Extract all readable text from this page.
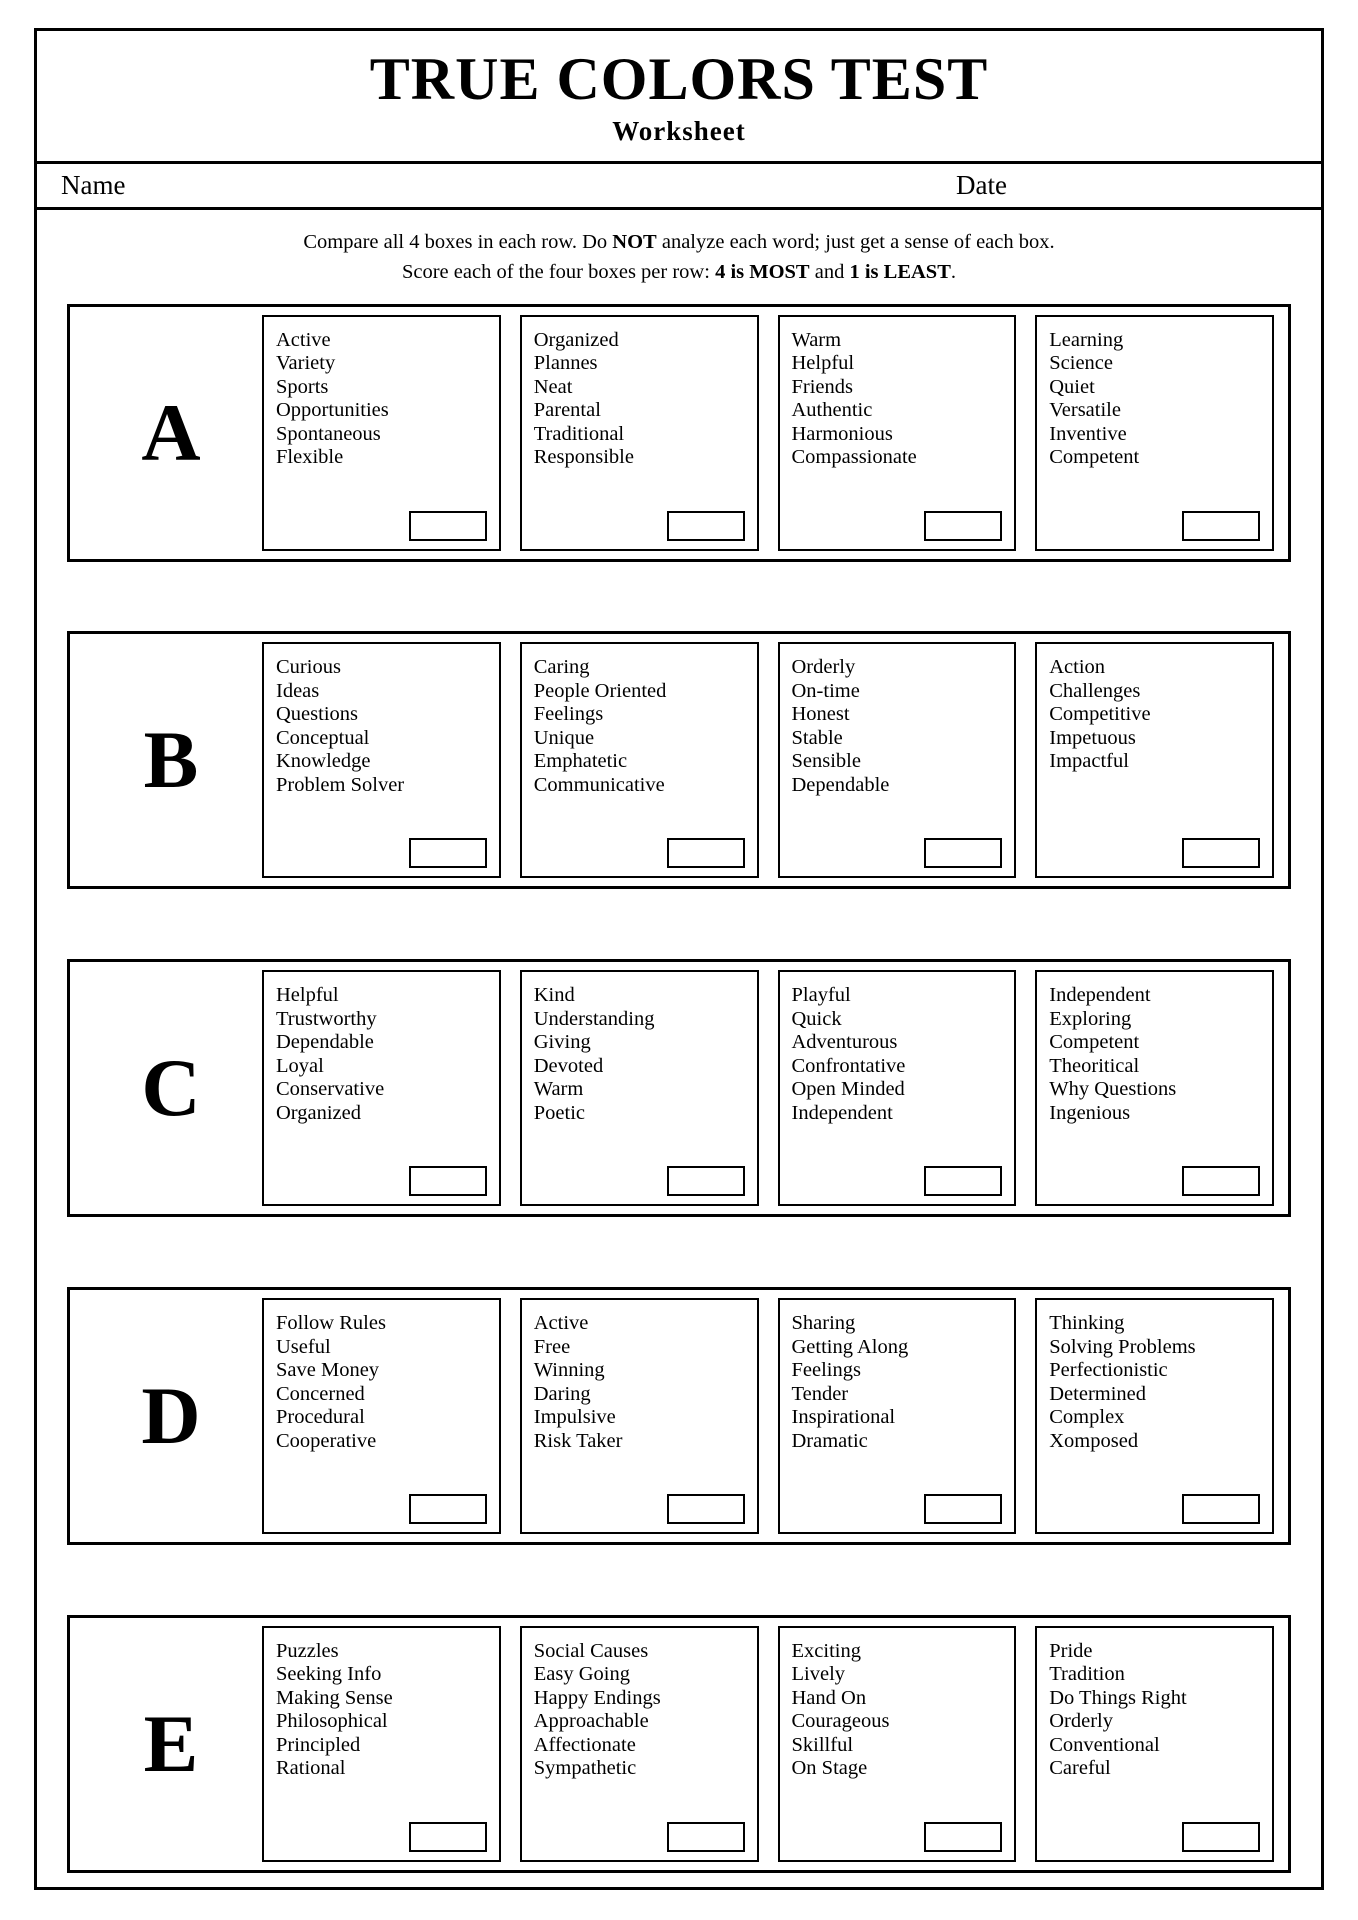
TRUE COLORS TEST
Worksheet
Name	Date
Compare all 4 boxes in each row. Do NOT analyze each word; just get a sense of each box.
Score each of the four boxes per row: 4 is MOST and 1 is LEAST.
A
Active
Variety
Sports
Opportunities
Spontaneous
Flexible
Organized
Plannes
Neat
Parental
Traditional
Responsible
Warm
Helpful
Friends
Authentic
Harmonious
Compassionate
Learning
Science
Quiet
Versatile
Inventive
Competent
B
Curious
Ideas
Questions
Conceptual
Knowledge
Problem Solver
Caring
People Oriented
Feelings
Unique
Emphatetic
Communicative
Orderly
On-time
Honest
Stable
Sensible
Dependable
Action
Challenges
Competitive
Impetuous
Impactful
C
Helpful
Trustworthy
Dependable
Loyal
Conservative
Organized
Kind
Understanding
Giving
Devoted
Warm
Poetic
Playful
Quick
Adventurous
Confrontative
Open Minded
Independent
Independent
Exploring
Competent
Theoritical
Why Questions
Ingenious
D
Follow Rules
Useful
Save Money
Concerned
Procedural
Cooperative
Active
Free
Winning
Daring
Impulsive
Risk Taker
Sharing
Getting Along
Feelings
Tender
Inspirational
Dramatic
Thinking
Solving Problems
Perfectionistic
Determined
Complex
Xomposed
E
Puzzles
Seeking Info
Making Sense
Philosophical
Principled
Rational
Social Causes
Easy Going
Happy Endings
Approachable
Affectionate
Sympathetic
Exciting
Lively
Hand On
Courageous
Skillful
On Stage
Pride
Tradition
Do Things Right
Orderly
Conventional
Careful
